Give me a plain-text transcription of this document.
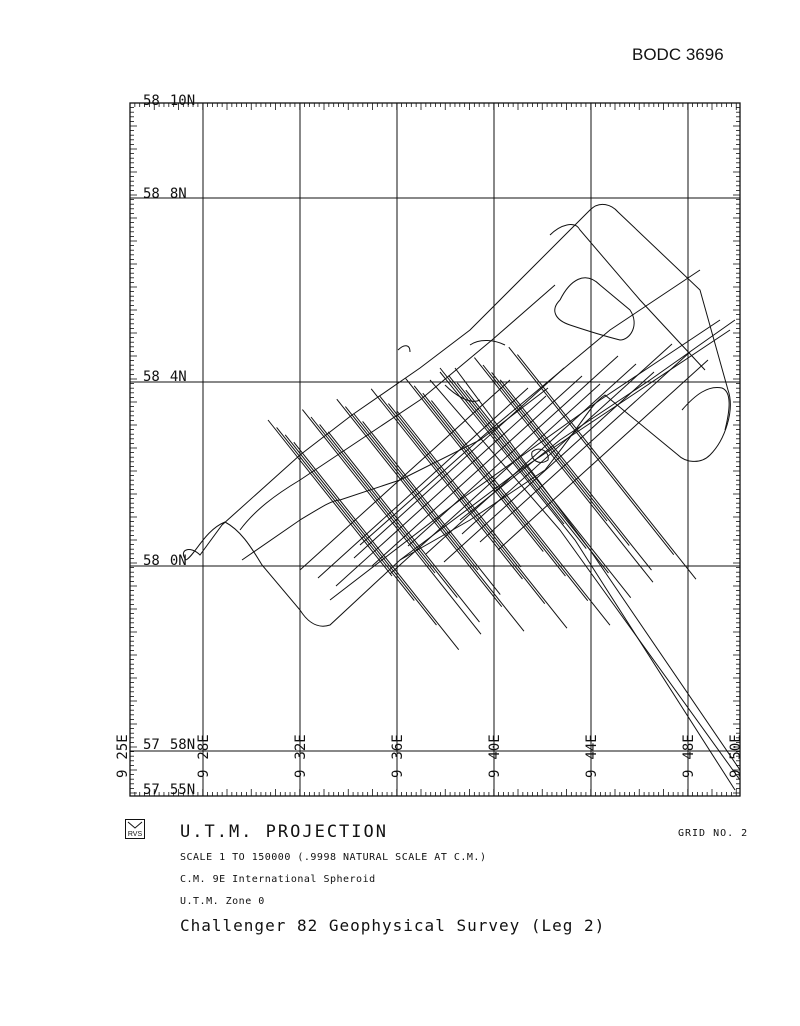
BODC 3696
58 10N
58 8N
58 4N
58 0N
57 58N
57 55N
925E
928E
932E
936E
940E
944E
948E
950E
RVS U.T.M. PROJECTION	GRID NO. 2
SCALE 1 TO 150000 (.9998 NATURAL SCALE AT C.M.)
C.M. 9E International Spheroid
U.T.M. Zone 0
Challenger 82 Geophysical Survey (Leg 2)
